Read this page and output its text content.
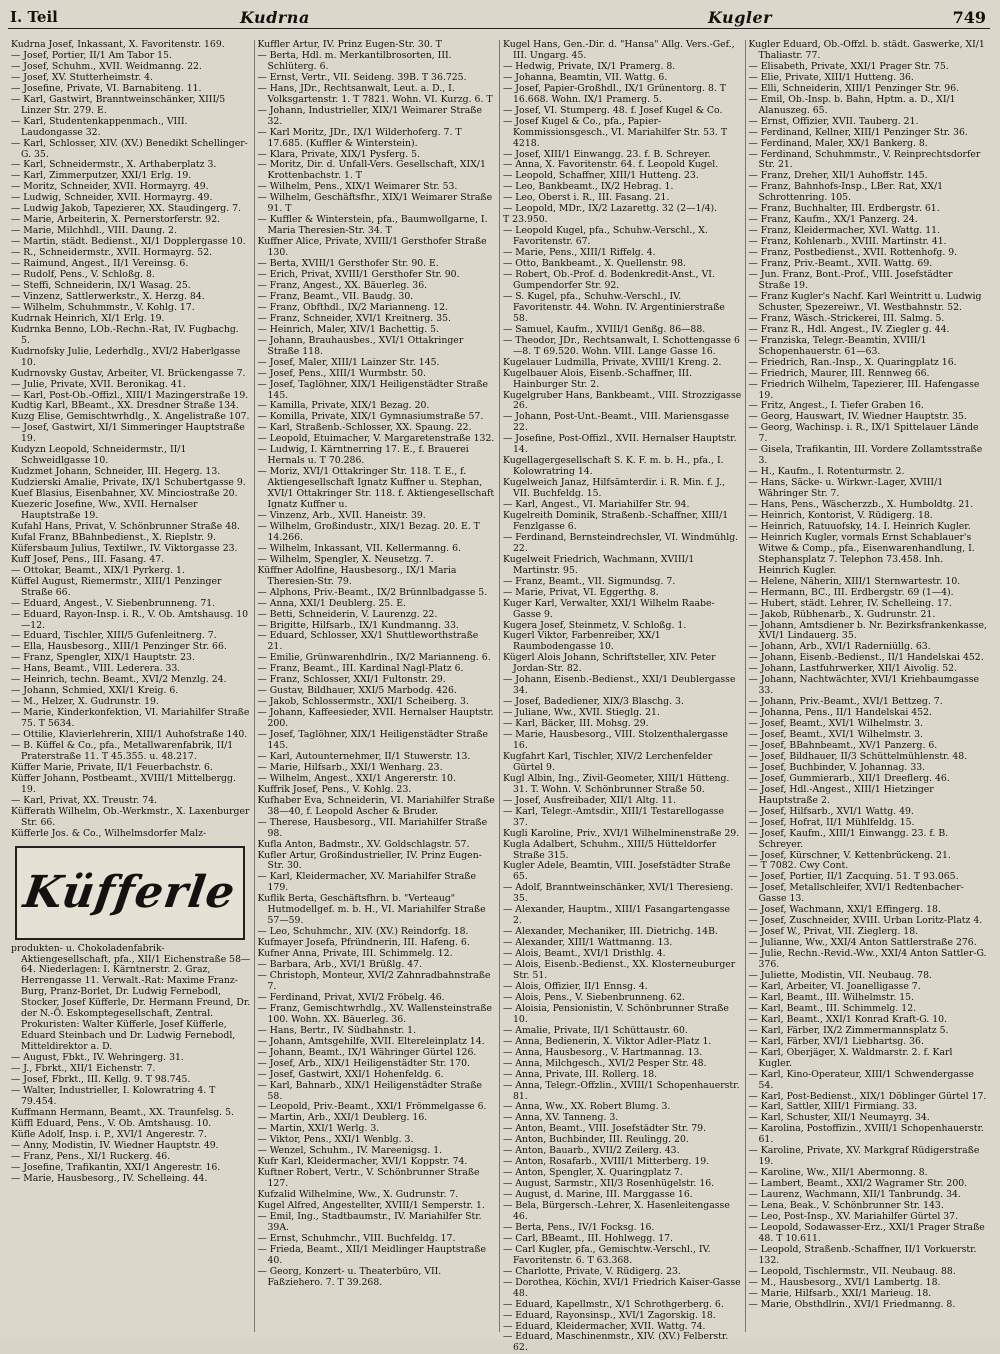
I. Teil	Kudrna	Kugler	749

Kudrna Josef, Inkassant, X. Favoritenstr. 169.

— Josef, Portier, II/1 Am Tabor 15.

— Josef, Schuhm., XVII. Weidmanng. 22.

— Josef, XV. Stutterheimstr. 4.

— Josefine, Private, VI. Barnabiteng. 11.

— Karl, Gastwirt, Branntweinschänker, XIII/5 Linzer Str. 279. E.

— Karl, Studentenkappenmach., VIII. Laudongasse 32.

— Karl, Schlosser, XIV. (XV.) Benedikt Schellinger-G. 35.

— Karl, Schneidermstr., X. Arthaberplatz 3.

— Karl, Zimmerputzer, XXI/1 Erlg. 19.

— Moritz, Schneider, XVII. Hormayrg. 49.

— Ludwig, Schneider, XVII. Hormayrg. 49.

— Ludwig Jakob, Tapezierer, XX. Staudingerg. 7.

— Marie, Arbeiterin, X. Pernerstorferstr. 92.

— Marie, Milchhdl., VIII. Daung. 2.

— Martin, städt. Bedienst., XI/1 Dopplergasse 10.

— R., Schneidermstr., XVII. Hormayrg. 52.

— Raimund, Angest., II/1 Vereinsg. 6.

— Rudolf, Pens., V. Schloßg. 8.

— Steffi, Schneiderin, IX/1 Wasag. 25.

— Vinzenz, Sattlerwerkstr., X. Herzg. 84.

— Wilhelm, Schuhmmstr., V. Kohlg. 17.

Kudrnak Heinrich, XI/1 Erlg. 19.

Kudrnka Benno, LOb.-Rechn.-Rat, IV. Fugbachg. 5.

Kudrnofsky Julie, Lederhdlg., XVI/2 Haberlgasse 10.

Kudrnovsky Gustav, Arbeiter, VI. Brückengasse 7.

— Julie, Private, XVII. Beronikag. 41.

— Karl, Post-Ob.-Offizl., XIII/1 Mazingerstraße 19.

Kudtig Karl, BBeamt., XX. Dresdner Straße 134.

Kuzg Elise, Gemischtwrhdlg., X. Angelistraße 107.

— Josef, Gastwirt, XI/1 Simmeringer Hauptstraße 19.

Kudyzn Leopold, Schneidermstr., II/1 Schweidlgasse 10.

Kudzmet Johann, Schneider, III. Hegerg. 13.

Kudzierski Amalie, Private, IX/1 Schubertgasse 9.

Kuef Blasius, Eisenbahner, XV. Minciostraße 20.

Kuezeric Josefine, Ww., XVII. Hernalser Hauptstraße 19.

Kufahl Hans, Privat, V. Schönbrunner Straße 48.

Kufal Franz, BBahnbedienst., X. Rieplstr. 9.

Küfersbaum Julius, Textilwr., IV. Viktorgasse 23.

Kuff Josef, Pens., III. Fasang. 47.

— Ottokar, Beamt., XIX/1 Pyrkerg. 1.

Küffel August, Riemermstr., XIII/1 Penzinger Straße 66.

— Eduard, Angest., V. Siebenbrunneng. 71.

— Eduard, Rayon-Insp. i. R., V. Ob. Amtshausg. 10—12.

— Eduard, Tischler, XIII/5 Gufenleitnerg. 7.

— Ella, Hausbesorg., XIII/1 Penzinger Str. 66.

— Franz, Spengler, XIX/1 Hauptstr. 23.

— Hans, Beamt., VIII. Lederera. 33.

— Heinrich, techn. Beamt., XVI/2 Menzlg. 24.

— Johann, Schmied, XXI/1 Kreig. 6.

— M., Helzer, X. Gudrunstr. 19.

— Marie, Kinderkonfektion, VI. Mariahilfer Straße 75. T 5634.

— Ottilie, Klavierlehrerin, XIII/1 Auhofstraße 140.

— B. Küffel & Co., pfa., Metallwarenfabrik, II/1 Praterstraße 11. T 45.355. u. 48.217.

Küffer Marie, Private, II/1 Feuerbachstr. 6.

Küffer Johann, Postbeamt., XVIII/1 Mittelbergg. 19.

— Karl, Privat, XX. Treustr. 74.

Küfferath Wilhelm, Ob.-Werkmstr., X. Laxenburger Str. 66.

Küfferle Jos. & Co., Wilhelmsdorfer Malz-

Küfferle

produkten- u. Chokoladenfabrik-Aktiengesellschaft, pfa., XII/1 Eichenstraße 58—64. Niederlagen: I. Kärntnerstr. 2. Graz, Herrengasse 11. Verwalt.-Rat: Maxime Franz-Burg, Pranz-Borlet, Dr. Ludwig Fernebodl, Stocker, Josef Küfferle, Dr. Hermann Freund, Dr. der N.-Ö. Eskomptegesellschaft, Zentral. Prokuristen: Walter Küfferle, Josef Küfferle, Eduard Steinbach und Dr. Ludwig Fernebodl, Mitteldirektor a. D.

— August, Fbkt., IV. Wehringerg. 31.

— J., Fbrkt., XII/1 Eichenstr. 7.

— Josef, Fbrkt., III. Kellg. 9. T 98.745.

— Walter, Industrieller, I. Kolowratring 4. T 79.454.

Kuffmann Hermann, Beamt., XX. Traunfelsg. 5.

Küffl Eduard, Pens., V. Ob. Amtshausg. 10.

Küfle Adolf, Insp. i. P., XVI/1 Angerestr. 7.

— Anny, Modistin, IV. Wiedner Hauptstr. 49.

— Franz, Pens., XI/1 Ruckerg. 46.

— Josefine, Trafikantin, XXI/1 Angerestr. 16.

— Marie, Hausbesorg., IV. Schelleing. 44.

Kuffler Artur, IV. Prinz Eugen-Str. 30. T

— Berta, Hdl. m. Merkantilbrosorten, III. Schlüterg. 6.

— Ernst, Vertr., VII. Seideng. 39B. T 36.725.

— Hans, JDr., Rechtsanwalt, Leut. a. D., I. Volksgartenstr. 1. T 7821. Wohn. VI. Kurzg. 6. T

— Johann, Industrieller, XIX/1 Weimarer Straße 32.

— Karl Moritz, JDr., IX/1 Wilderhoferg. 7. T 17.685. (Kuffler & Winterstein).

— Klara, Private, XIX/1 Pysferg. 5.

— Moritz, Dir. d. Unfall-Vers. Gesellschaft, XIX/1 Krottenbachstr. 1. T

— Wilhelm, Pens., XIX/1 Weimarer Str. 53.

— Wilhelm, Geschäftsfhr., XIX/1 Weimarer Straße 91. T

— Kuffler & Winterstein, pfa., Baumwollgarne, I. Maria Theresien-Str. 34. T

Kuffner Alice, Private, XVIII/1 Gersthofer Straße 130.

— Berta, XVIII/1 Gersthofer Str. 90. E.

— Erich, Privat, XVIII/1 Gersthofer Str. 90.

— Franz, Angest., XX. Bäuerleg. 36.

— Franz, Beamt., VII. Baudg. 30.

— Franz, Obfthdl., IX/2 Marianneng. 12.

— Franz, Schneider, XVI/1 Kreitnerg. 35.

— Heinrich, Maler, XIV/1 Bachettig. 5.

— Johann, Brauhausbes., XVI/1 Ottakringer Straße 118.

— Josef, Maler, XIII/1 Lainzer Str. 145.

— Josef, Pens., XIII/1 Wurmbstr. 50.

— Josef, Taglöhner, XIX/1 Heiligenstädter Straße 145.

— Kamilla, Private, XIX/1 Bezag. 20.

— Komilla, Private, XIX/1 Gymnasiumstraße 57.

— Karl, Straßenb.-Schlosser, XX. Spaung. 22.

— Leopold, Etuimacher, V. Margaretenstraße 132.

— Ludwig, I. Kärntnerring 17. E., f. Brauerei Hernals u. T 70.286.

— Moriz, XVI/1 Ottakringer Str. 118. T. E., f. Aktiengesellschaft Ignatz Kuffner u. Stephan, XVI/1 Ottakringer Str. 118. f. Aktiengesellschaft Ignatz Kuffner u.

— Vinzenz, Arb., XVII. Haneistr. 39.

— Wilhelm, Großindustr., XIX/1 Bezag. 20. E. T 14.266.

— Wilhelm, Inkassant, VII. Kellermanng. 6.

— Wilhelm, Spengler, X. Neusetzg. 7.

Küffner Adolfine, Hausbesorg., IX/1 Maria Theresien-Str. 79.

— Alphons, Priv.-Beamt., IX/2 Brünnlbadgasse 5.

— Anna, XXI/1 Deublerg. 25. E.

— Betti, Schneiderin, V. Laurenzg. 22.

— Brigitte, Hilfsarb., IX/1 Kundmanng. 33.

— Eduard, Schlosser, XX/1 Shuttleworthstraße 21.

— Emilie, Grünwarenhdlrin., IX/2 Marianneng. 6.

— Franz, Beamt., III. Kardinal Nagl-Platz 6.

— Franz, Schlosser, XXI/1 Fultonstr. 29.

— Gustav, Bildhauer, XXI/5 Marbodg. 426.

— Jakob, Schlossermstr., XXI/1 Scheiberg. 3.

— Johann, Kaffeesieder, XVII. Hernalser Hauptstr. 200.

— Josef, Taglöhner, XIX/1 Heiligenstädter Straße 145.

— Karl, Autounternehmer, II/1 Stuwerstr. 13.

— Marie, Hilfsarb., XXI/1 Wenharg. 23.

— Wilhelm, Angest., XXI/1 Angererstr. 10.

Kuffrik Josef, Pens., V. Kohlg. 23.

Kufhaber Eva, Schneiderin, VI. Mariahilfer Straße 38—40, f. Leopold Ascher & Bruder.

— Therese, Hausbesorg., VII. Mariahilfer Straße 98.

Kufla Anton, Badmstr., XV. Goldschlagstr. 57.

Kufler Artur, Großindustrieller, IV. Prinz Eugen-Str. 30.

— Karl, Kleidermacher, XV. Mariahilfer Straße 179.

Kuflik Berta, Geschäftsfhrn. b. "Verteaug" Hutmodellgef. m. b. H., VI. Mariahilfer Straße 57—59.

— Leo, Schuhmchr., XIV. (XV.) Reindorfg. 18.

Kufmayer Josefa, Pfründnerin, III. Hafeng. 6.

Kufner Anna, Private, III. Schimmelg. 12.

— Barbara, Arb., XVI/1 Brüßlg. 47.

— Christoph, Monteur, XVI/2 Zahnradbahnstraße 7.

— Ferdinand, Privat, XVI/2 Fröbelg. 46.

— Franz, Gemischtwrhdlg., XV. Wallensteinstraße 100. Wohn. XX. Bäuerleg. 36.

— Hans, Bertr., IV. Südbahnstr. 1.

— Johann, Amtsgehilfe, XVII. Eltereleinplatz 14.

— Johann, Beamt., IX/1 Währinger Gürtel 126.

— Josef, Arb., XIX/1 Heiligenstädter Str. 170.

— Josef, Gastwirt, XXI/1 Hohenfeldg. 6.

— Karl, Bahnarb., XIX/1 Heiligenstädter Straße 58.

— Leopold, Priv.-Beamt., XXI/1 Frömmelgasse 6.

— Martin, Arb., XXI/1 Deublerg. 16.

— Martin, XXI/1 Werlg. 3.

— Viktor, Pens., XXI/1 Wenblg. 3.

— Wenzel, Schuhm., IV. Mareenigsg. 1.

Kufr Karl, Kleidermacher, XVI/1 Koppstr. 74.

Kuftner Robert, Vertr., V. Schönbrunner Straße 127.

Kufzalid Wilhelmine, Ww., X. Gudrunstr. 7.

Kugel Alfred, Angestellter, XVIII/1 Semperstr. 1.

— Emil, Ing., Stadtbaumstr., IV. Mariahilfer Str. 39A.

— Ernst, Schuhmchr., VIII. Buchfeldg. 17.

— Frieda, Beamt., XII/1 Meidlinger Hauptstraße 40.

— Georg, Konzert- u. Theaterbüro, VII. Faßziehero. 7. T 39.268.

Kugel Hans, Gen.-Dir. d. "Hansa" Allg. Vers.-Gef., III. Ungarg. 45.

— Hedwig, Private, IX/1 Pramerg. 8.

— Johanna, Beamtin, VII. Wattg. 6.

— Josef, Papier-Großhdl., IX/1 Grünentorg. 8. T 16.668. Wohn. IX/1 Pramerg. 5.

— Josef, VI. Stumperg. 48. f. Josef Kugel & Co.

— Josef Kugel & Co., pfa., Papier-Kommissionsgesch., VI. Mariahilfer Str. 53. T 4218.

— Josef, XIII/1 Einwangg. 23. f. B. Schreyer.

— Anna, X. Favoritenstr. 64. f. Leopold Kugel.

— Leopold, Schaffner, XIII/1 Hutteng. 23.

— Leo, Bankbeamt., IX/2 Hebrag. 1.

— Leo, Oberst i. R., III. Fasang. 21.

— Leopold, MDr., IX/2 Lazarettg. 32 (2—1/4).

T 23.950.

— Leopold Kugel, pfa., Schuhw.-Verschl., X. Favoritenstr. 67.

— Marie, Pens., XIII/1 Riffelg. 4.

— Otto, Bankbeamt., X. Quellenstr. 98.

— Robert, Ob.-Prof. d. Bodenkredit-Anst., VI. Gumpendorfer Str. 92.

— S. Kugel, pfa., Schuhw.-Verschl., IV. Favoritenstr. 44. Wohn. IV. Argentinierstraße 58.

— Samuel, Kaufm., XVIII/1 Genßg. 86—88.

— Theodor, JDr., Rechtsanwalt, I. Schottengasse 6—8. T 69.520. Wohn. VIII. Lange Gasse 16.

Kugelauer Ludmilla, Private, XVIII/1 Kreng. 2.

Kugelbauer Alois, Eisenb.-Schaffner, III. Hainburger Str. 2.

Kugelgruber Hans, Bankbeamt., VIII. Strozzigasse 26.

— Johann, Post-Unt.-Beamt., VIII. Mariensgasse 22.

— Josefine, Post-Offizl., XVII. Hernalser Hauptstr. 14.

Kugellagergesellschaft S. K. F. m. b. H., pfa., I. Kolowratring 14.

Kugelweich Janaz, Hilfsämterdir. i. R. Min. f. J., VII. Buchfeldg. 15.

— Karl, Angest., VI. Mariahilfer Str. 94.

Kugelreith Dominik, Straßenb.-Schaffner, XIII/1 Fenzlgasse 6.

— Ferdinand, Bernsteindrechsler, VI. Windmühlg. 22.

Kugelweit Friedrich, Wachmann, XVIII/1 Martinstr. 95.

— Franz, Beamt., VII. Sigmundsg. 7.

— Marie, Privat, VI. Eggerthg. 8.

Kuger Karl, Verwalter, XXI/1 Wilhelm Raabe-Gasse 9.

Kugera Josef, Steinmetz, V. Schloßg. 1.

Kugerl Viktor, Farbenreiber, XX/1 Raumbodengasse 10.

Kügerl Alois Johann, Schriftsteller, XIV. Peter Jordan-Str. 82.

— Johann, Eisenb.-Bedienst., XXI/1 Deublergasse 34.

— Josef, Badediener, XIX/3 Blaschg. 3.

— Juliane, Ww., XVII. Stieglg. 21.

— Karl, Bäcker, III. Mohsg. 29.

— Marie, Hausbesorg., VIII. Stolzenthalergasse 16.

Kugfahrt Karl, Tischler, XIV/2 Lerchenfelder Gürtel 9.

Kugl Albin, Ing., Zivil-Geometer, XIII/1 Hütteng. 31. T. Wohn. V. Schönbrunner Straße 50.

— Josef, Ausfreibader, XII/1 Altg. 11.

— Karl, Telegr.-Amtsdir., XIII/1 Testarellogasse 37.

Kugli Karoline, Priv., XVI/1 Wilhelminenstraße 29.

Kugla Adalbert, Schuhm., XIII/5 Hütteldorfer Straße 315.

Kugler Adele, Beamtin, VIII. Josefstädter Straße 65.

— Adolf, Branntweinschänker, XVI/1 Theresieng. 35.

— Alexander, Hauptm., XIII/1 Fasangartengasse 2.

— Alexander, Mechaniker, III. Dietrichg. 14B.

— Alexander, XIII/1 Wattmanng. 13.

— Alois, Beamt., XVI/1 Dristhlg. 4.

— Alois, Eisenb.-Bedienst., XX. Klosterneuburger Str. 51.

— Alois, Offizier, II/1 Ennsg. 4.

— Alois, Pens., V. Siebenbrunneng. 62.

— Aloisia, Pensionistin, V. Schönbrunner Straße 10.

— Amalie, Private, II/1 Schüttaustr. 60.

— Anna, Bedienerin, X. Viktor Adler-Platz 1.

— Anna, Hausbesorg., V. Hartmannag. 13.

— Anna, Milchgesch., XVI/2 Pesper Str. 48.

— Anna, Private, III. Rollerg. 18.

— Anna, Telegr.-Offzlin., XVIII/1 Schopenhauerstr. 81.

— Anna, Ww., XX. Robert Blumg. 3.

— Anna, XV. Tanneng. 3.

— Anton, Beamt., VIII. Josefstädter Str. 79.

— Anton, Buchbinder, III. Reulingg. 20.

— Anton, Bauarb., XVII/2 Zeilerg. 43.

— Anton, Rosafarb., XVIII/1 Mitterberg. 19.

— Anton, Spengler, X. Quaringplatz 7.

— August, Sarmstr., XII/3 Rosenhügelstr. 16.

— August, d. Marine, III. Marggasse 16.

— Bela, Bürgersch.-Lehrer, X. Hasenleitengasse 46.

— Berta, Pens., IV/1 Focksg. 16.

— Carl, BBeamt., III. Hohlwegg. 17.

— Carl Kugler, pfa., Gemischtw.-Verschl., IV. Favoritenstr. 6. T 63.368.

— Charlotte, Private, V. Rüdigerg. 23.

— Dorothea, Köchin, XVI/1 Friedrich Kaiser-Gasse 48.

— Eduard, Kapellmstr., X/1 Schrothgerberg. 6.

— Eduard, Rayonsinsp., XVI/1 Zagorskig. 18.

— Eduard, Kleidermacher, XVII. Wattg. 74.

— Eduard, Maschinenmstr., XIV. (XV.) Felberstr. 62.

Kugler Eduard, Ob.-Offzl. b. städt. Gaswerke, XI/1 Thaliastr. 77.

— Elisabeth, Private, XXI/1 Prager Str. 75.

— Elie, Private, XIII/1 Hutteng. 36.

— Elli, Schneiderin, XIII/1 Penzinger Str. 96.

— Emil, Ob.-Insp. b. Bahn, Hptm. a. D., XI/1 Alanuszeg. 65.

— Ernst, Offizier, XVII. Tauberg. 21.

— Ferdinand, Kellner, XIII/1 Penzinger Str. 36.

— Ferdinand, Maler, XX/1 Bankerg. 8.

— Ferdinand, Schuhmmstr., V. Reinprechtsdorfer Str. 21.

— Franz, Dreher, XII/1 Auhoffstr. 145.

— Franz, Bahnhofs-Insp., LBer. Rat, XX/1 Schrottenring. 105.

— Franz, Buchhalter, III. Erdbergstr. 61.

— Franz, Kaufm., XX/1 Panzerg. 24.

— Franz, Kleidermacher, XVI. Wattg. 11.

— Franz, Kohlenarb., XVIII. Martinstr. 41.

— Franz, Postbedienst., XVII. Rottenhofg. 9.

— Franz, Priv.-Beamt., XVII. Wattg. 69.

— Jun. Franz, Bont.-Prof., VIII. Josefstädter Straße 19.

— Franz Kugler's Nachf. Karl Weintritt u. Ludwig Schuster, Spezereiwr., VI. Westbahnstr. 52.

— Franz, Wäsch.-Strickerei, III. Salmg. 5.

— Franz R., Hdl. Angest., IV. Ziegler g. 44.

— Franziska, Telegr.-Beamtin, XVIII/1 Schopenhauerstr. 61—63.

— Friedrich, Ran.-Insp., X. Quaringplatz 16.

— Friedrich, Maurer, III. Rennweg 66.

— Friedrich Wilhelm, Tapezierer, III. Hafengasse 19.

— Fritz, Angest., I. Tiefer Graben 16.

— Georg, Hauswart, IV. Wiedner Hauptstr. 35.

— Georg, Wachinsp. i. R., IX/1 Spittelauer Lände 7.

— Gisela, Trafikantin, III. Vordere Zollamtsstraße 3.

— H., Kaufm., I. Rotenturmstr. 2.

— Hans, Säcke- u. Wirkwr.-Lager, XVIII/1 Währinger Str. 7.

— Hans, Pens., Wäscherzzb., X. Humboldtg. 21.

— Heinrich, Kontorist, V. Rüdigerg. 18.

— Heinrich, Ratuuofsky, 14. I. Heinrich Kugler.

— Heinrich Kugler, vormals Ernst Schablauer's Witwe & Comp., pfa., Eisenwarenhandlung, I. Stephansplatz 7. Telephon 73.458. Inh. Heinrich Kugler.

— Helene, Näherin, XIII/1 Sternwartestr. 10.

— Hermann, BC., III. Erdbergstr. 69 (1—4).

— Hubert, städt. Lehrer, IV. Schelleing. 17.

— Jakob, Rübhenarb., X. Gudrunstr. 21.

— Johann, Amtsdiener b. Nr. Bezirksfrankenkasse, XVI/1 Lindauerg. 35.

— Johann, Arb., XVI/1 Raderniüllg. 63.

— Johann, Eisenb.-Bedienst., II/1 Handelskai 452.

— Johann, Lastfuhrwerker, XII/1 Aivolig. 52.

— Johann, Nachtwächter, XVI/1 Kriehbaumgasse 33.

— Johann, Priv.-Beamt., XVI/1 Bettzeg. 7.

— Johanna, Pens., II/1 Handelskai 452.

— Josef, Beamt., XVI/1 Wilhelmstr. 3.

— Josef, Beamt., XVI/1 Wilhelmstr. 3.

— Josef, BBahnbeamt., XV/1 Panzerg. 6.

— Josef, Bildhauer, II/3 Schüttelmühlenstr. 48.

— Josef, Buchbinder, V. Johannag. 33.

— Josef, Gummierarb., XII/1 Dreeflerg. 46.

— Josef, Hdl.-Angest., XIII/1 Hietzinger Hauptstraße 2.

— Josef, Hilfsarb., XVI/1 Wattg. 49.

— Josef, Hofrat, II/1 Mühlfeldg. 15.

— Josef, Kaufm., XIII/1 Einwangg. 23. f. B. Schreyer.

— Josef, Kürschner, V. Kettenbrückeng. 21.

— T 7082. Cwy Cont.

— Josef, Portier, II/1 Zacquing. 51. T 93.065.

— Josef, Metallschleifer, XVI/1 Redtenbacher-Gasse 13.

— Josef, Wachmann, XXI/1 Effingerg. 18.

— Josef, Zuschneider, XVIII. Urban Loritz-Platz 4.

— Josef W., Privat, VII. Zieglerg. 18.

— Julianne, Ww., XXI/4 Anton Sattlerstraße 276.

— Julie, Rechn.-Revid.-Ww., XXI/4 Anton Sattler-G. 376.

— Juliette, Modistin, VII. Neubaug. 78.

— Karl, Arbeiter, VI. Joanelligasse 7.

— Karl, Beamt., III. Wilhelmstr. 15.

— Karl, Beamt., III. Schimmelg. 12.

— Karl, Beamt., XXI/1 Konrad Kraft-G. 10.

— Karl, Färber, IX/2 Zimmermannsplatz 5.

— Karl, Färber, XVI/1 Liebhartsg. 36.

— Karl, Oberjäger, X. Waldmarstr. 2. f. Karl Kugler.

— Karl, Kino-Operateur, XIII/1 Schwendergasse 54.

— Karl, Post-Bedienst., XIX/1 Döblinger Gürtel 17.

— Karl, Sattler, XIII/1 Firmiang. 33.

— Karl, Schuster, XII/1 Neumayrg. 34.

— Karolina, Postoffizin., XVIII/1 Schopenhauerstr. 61.

— Karoline, Private, XV. Markgraf Rüdigerstraße 19.

— Karoline, Ww., XII/1 Abermonng. 8.

— Lambert, Beamt., XXI/2 Wagramer Str. 200.

— Laurenz, Wachmann, XII/1 Tanbrundg. 34.

— Lena, Beak., V. Schönbrunner Str. 143.

— Leo, Post-Insp., XV. Mariahilfer Gürtel 37.

— Leopold, Sodawasser-Erz., XXI/1 Prager Straße 48. T 10.611.

— Leopold, Straßenb.-Schaffner, II/1 Vorkuerstr. 132.

— Leopold, Tischlermstr., VII. Neubaug. 88.

— M., Hausbesorg., XVI/1 Lambertg. 18.

— Marie, Hilfsarb., XXI/1 Marieug. 18.

— Marie, Obsthdlrin., XVI/1 Friedmanng. 8.
